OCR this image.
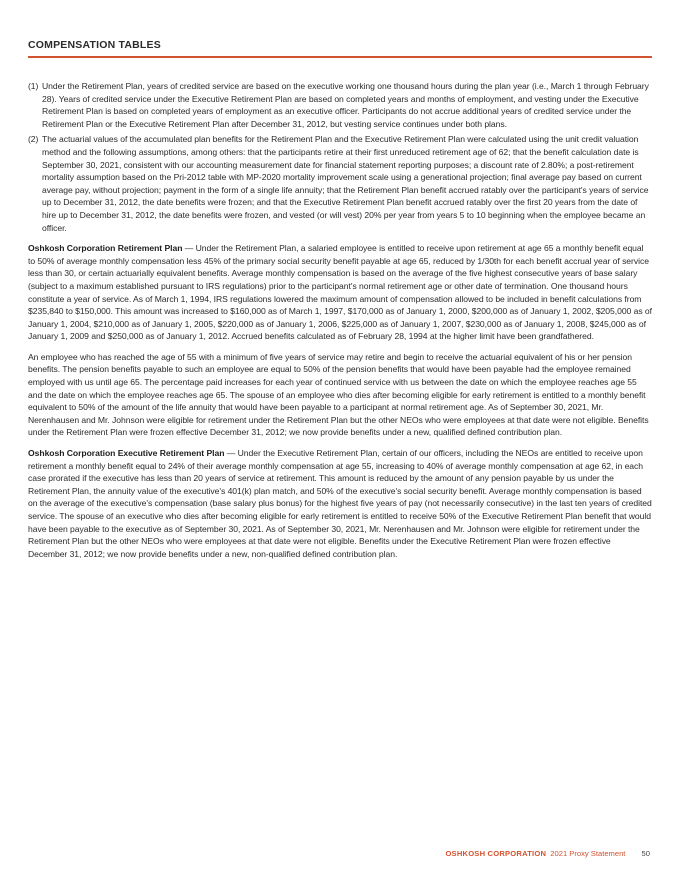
COMPENSATION TABLES
(1) Under the Retirement Plan, years of credited service are based on the executive working one thousand hours during the plan year (i.e., March 1 through February 28). Years of credited service under the Executive Retirement Plan are based on completed years and months of employment, and vesting under the Executive Retirement Plan is based on completed years of employment as an executive officer. Participants do not accrue additional years of credited service under the Retirement Plan or the Executive Retirement Plan after December 31, 2012, but vesting service continues under both plans.
(2) The actuarial values of the accumulated plan benefits for the Retirement Plan and the Executive Retirement Plan were calculated using the unit credit valuation method and the following assumptions, among others: that the participants retire at their first unreduced retirement age of 62; that the benefit calculation date is September 30, 2021, consistent with our accounting measurement date for financial statement reporting purposes; a discount rate of 2.80%; a post-retirement mortality assumption based on the Pri-2012 table with MP-2020 mortality improvement scale using a generational projection; final average pay based on current average pay, without projection; payment in the form of a single life annuity; that the Retirement Plan benefit accrued ratably over the participant's years of service up to December 31, 2012, the date benefits were frozen; and that the Executive Retirement Plan benefit accrued ratably over the first 20 years from the date of hire up to December 31, 2012, the date benefits were frozen, and vested (or will vest) 20% per year from years 5 to 10 beginning when the employee became an officer.

Oshkosh Corporation Retirement Plan — Under the Retirement Plan, a salaried employee is entitled to receive upon retirement at age 65 a monthly benefit equal to 50% of average monthly compensation less 45% of the primary social security benefit payable at age 65, reduced by 1/30th for each benefit accrual year of service less than 30, or certain actuarially equivalent benefits. Average monthly compensation is based on the average of the five highest consecutive years of base salary (subject to a maximum established pursuant to IRS regulations) prior to the participant's normal retirement age or other date of termination. One thousand hours constitute a year of service. As of March 1, 1994, IRS regulations lowered the maximum amount of compensation allowed to be included in benefit calculations from $235,840 to $150,000. This amount was increased to $160,000 as of March 1, 1997, $170,000 as of January 1, 2000, $200,000 as of January 1, 2002, $205,000 as of January 1, 2004, $210,000 as of January 1, 2005, $220,000 as of January 1, 2006, $225,000 as of January 1, 2007, $230,000 as of January 1, 2008, $245,000 as of January 1, 2009 and $250,000 as of January 1, 2012. Accrued benefits calculated as of February 28, 1994 at the higher limit have been grandfathered.

An employee who has reached the age of 55 with a minimum of five years of service may retire and begin to receive the actuarial equivalent of his or her pension benefits. The pension benefits payable to such an employee are equal to 50% of the pension benefits that would have been payable had the employee remained employed with us until age 65. The percentage paid increases for each year of continued service with us between the date on which the employee reaches age 55 and the date on which the employee reaches age 65. The spouse of an employee who dies after becoming eligible for early retirement is entitled to a monthly benefit equivalent to 50% of the amount of the life annuity that would have been payable to a participant at normal retirement age. As of September 30, 2021, Mr. Nerenhausen and Mr. Johnson were eligible for retirement under the Retirement Plan but the other NEOs who were employees at that date were not eligible. Benefits under the Retirement Plan were frozen effective December 31, 2012; we now provide benefits under a new, qualified defined contribution plan.

Oshkosh Corporation Executive Retirement Plan — Under the Executive Retirement Plan, certain of our officers, including the NEOs are entitled to receive upon retirement a monthly benefit equal to 24% of their average monthly compensation at age 55, increasing to 40% of average monthly compensation at age 62, in each case prorated if the executive has less than 20 years of service at retirement. This amount is reduced by the amount of any pension payable by us under the Retirement Plan, the annuity value of the executive's 401(k) plan match, and 50% of the executive's social security benefit. Average monthly compensation is based on the average of the executive's compensation (base salary plus bonus) for the highest five years of pay (not necessarily consecutive) in the last ten years of credited service. The spouse of an executive who dies after becoming eligible for early retirement is entitled to receive 50% of the Executive Retirement Plan benefit that would have been payable to the executive as of September 30, 2021. As of September 30, 2021, Mr. Nerenhausen and Mr. Johnson were eligible for retirement under the Retirement Plan but the other NEOs who were employees at that date were not eligible. Benefits under the Executive Retirement Plan were frozen effective December 31, 2012; we now provide benefits under a new, non-qualified defined contribution plan.

OSHKOSH CORPORATION 2021 Proxy Statement 50
